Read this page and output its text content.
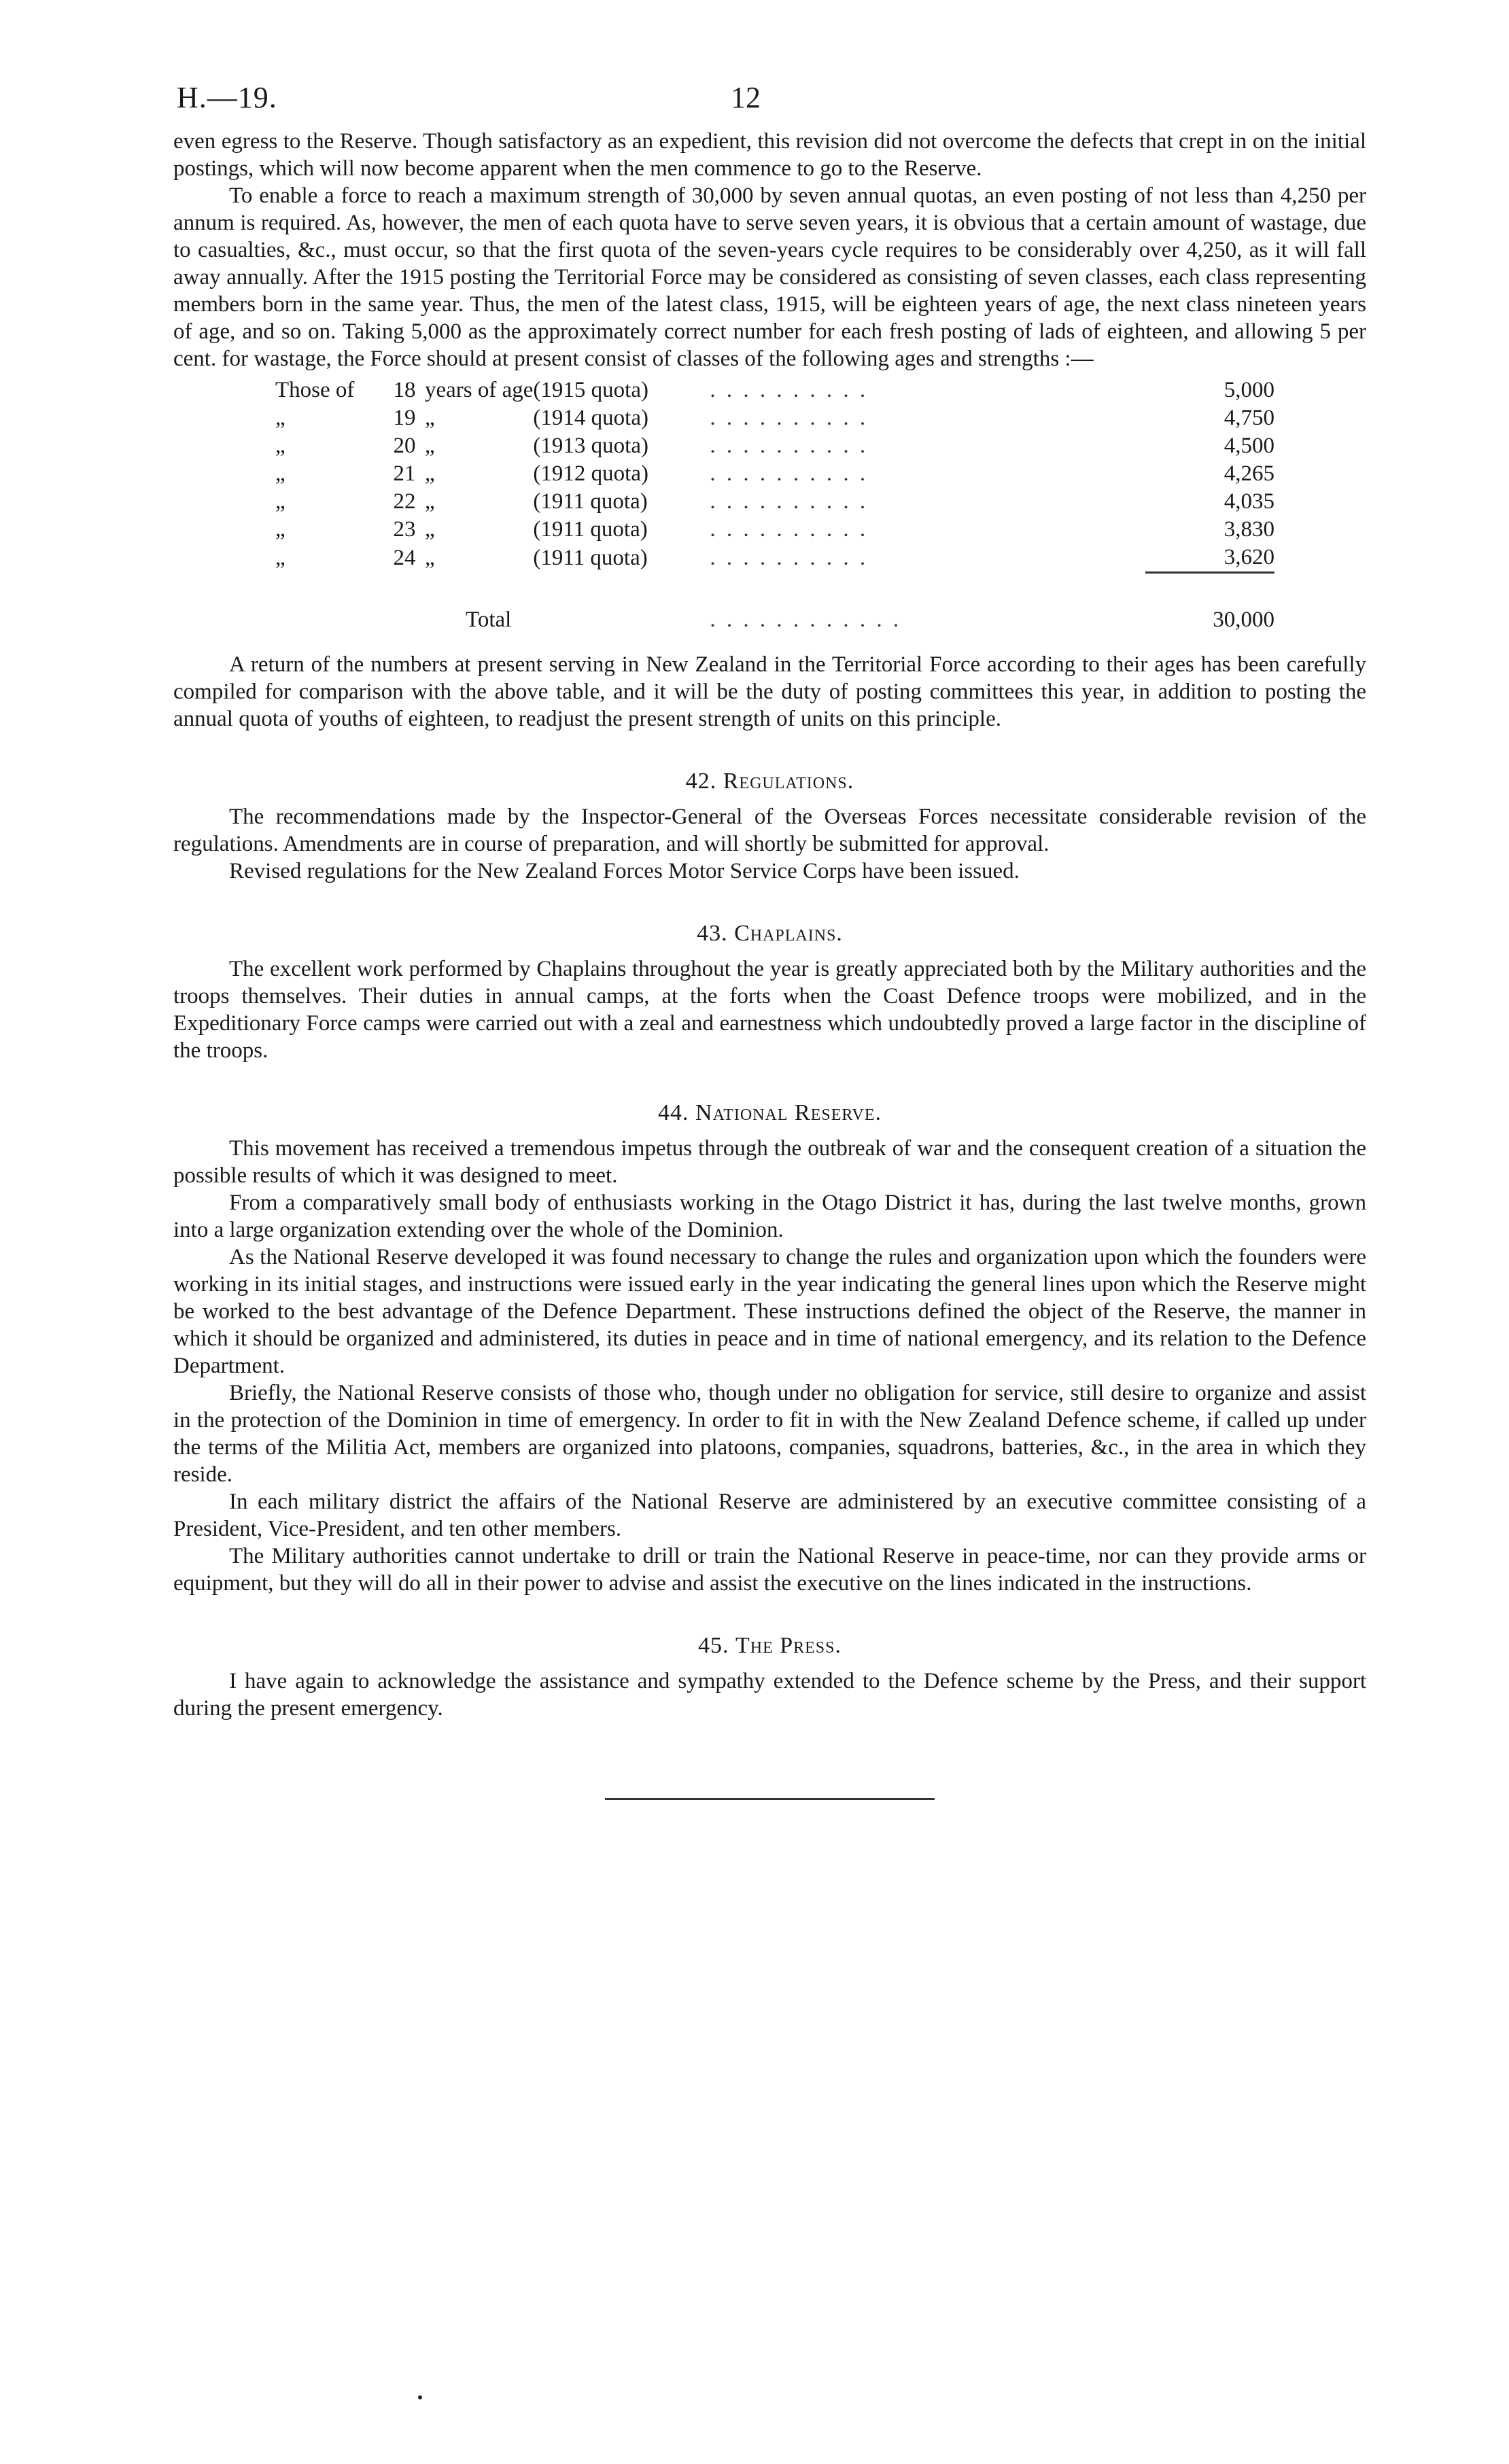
H.—19.	12

even egress to the Reserve. Though satisfactory as an expedient, this revision did not overcome the defects that crept in on the initial postings, which will now become apparent when the men commence to go to the Reserve.

To enable a force to reach a maximum strength of 30,000 by seven annual quotas, an even posting of not less than 4,250 per annum is required. As, however, the men of each quota have to serve seven years, it is obvious that a certain amount of wastage, due to casualties, &c., must occur, so that the first quota of the seven-years cycle requires to be considerably over 4,250, as it will fall away annually. After the 1915 posting the Territorial Force may be considered as consisting of seven classes, each class representing members born in the same year. Thus, the men of the latest class, 1915, will be eighteen years of age, the next class nineteen years of age, and so on. Taking 5,000 as the approximately correct number for each fresh posting of lads of eighteen, and allowing 5 per cent. for wastage, the Force should at present consist of classes of the following ages and strengths :—

Those of	18	years of age	(1915 quota)	. . . . . . . . . .	5,000
„	19	„	(1914 quota)	. . . . . . . . . .	4,750
„	20	„	(1913 quota)	. . . . . . . . . .	4,500
„	21	„	(1912 quota)	. . . . . . . . . .	4,265
„	22	„	(1911 quota)	. . . . . . . . . .	4,035
„	23	„	(1911 quota)	. . . . . . . . . .	3,830
„	24	„	(1911 quota)	. . . . . . . . . .	3,620

		Total		. . . . . . . . . . . .	30,000

A return of the numbers at present serving in New Zealand in the Territorial Force according to their ages has been carefully compiled for comparison with the above table, and it will be the duty of posting committees this year, in addition to posting the annual quota of youths of eighteen, to readjust the present strength of units on this principle.

42. Regulations.

The recommendations made by the Inspector-General of the Overseas Forces necessitate considerable revision of the regulations. Amendments are in course of preparation, and will shortly be submitted for approval.

Revised regulations for the New Zealand Forces Motor Service Corps have been issued.

43. Chaplains.

The excellent work performed by Chaplains throughout the year is greatly appreciated both by the Military authorities and the troops themselves. Their duties in annual camps, at the forts when the Coast Defence troops were mobilized, and in the Expeditionary Force camps were carried out with a zeal and earnestness which undoubtedly proved a large factor in the discipline of the troops.

44. National Reserve.

This movement has received a tremendous impetus through the outbreak of war and the consequent creation of a situation the possible results of which it was designed to meet.

From a comparatively small body of enthusiasts working in the Otago District it has, during the last twelve months, grown into a large organization extending over the whole of the Dominion.

As the National Reserve developed it was found necessary to change the rules and organization upon which the founders were working in its initial stages, and instructions were issued early in the year indicating the general lines upon which the Reserve might be worked to the best advantage of the Defence Department. These instructions defined the object of the Reserve, the manner in which it should be organized and administered, its duties in peace and in time of national emergency, and its relation to the Defence Department.

Briefly, the National Reserve consists of those who, though under no obligation for service, still desire to organize and assist in the protection of the Dominion in time of emergency. In order to fit in with the New Zealand Defence scheme, if called up under the terms of the Militia Act, members are organized into platoons, companies, squadrons, batteries, &c., in the area in which they reside.

In each military district the affairs of the National Reserve are administered by an executive committee consisting of a President, Vice-President, and ten other members.

The Military authorities cannot undertake to drill or train the National Reserve in peace-time, nor can they provide arms or equipment, but they will do all in their power to advise and assist the executive on the lines indicated in the instructions.

45. The Press.

I have again to acknowledge the assistance and sympathy extended to the Defence scheme by the Press, and their support during the present emergency.
